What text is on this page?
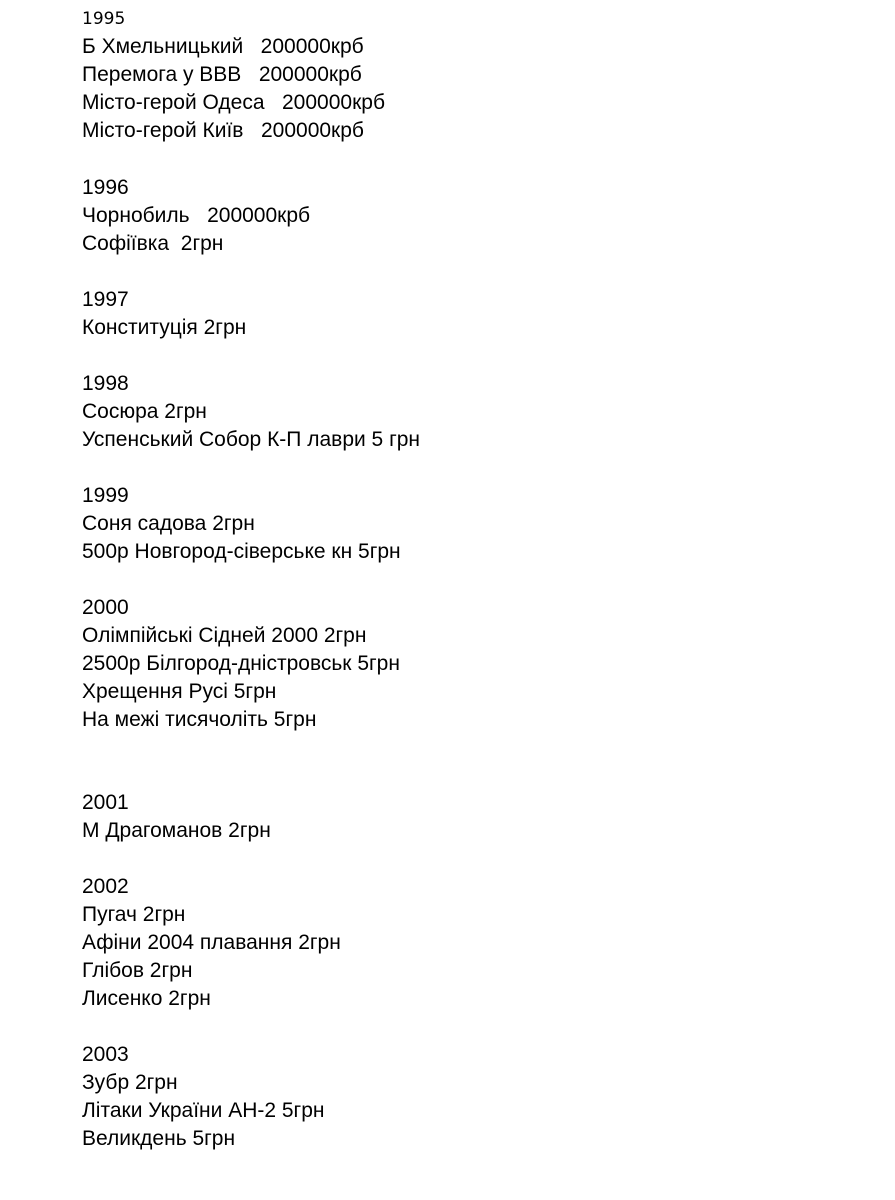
1995
Б Хмельницький   200000крб
Перемога у ВВВ   200000крб
Місто-герой Одеса   200000крб
Місто-герой Київ   200000крб
1996
Чорнобиль   200000крб
Софіївка  2грн
1997
Конституція 2грн
1998
Сосюра 2грн
Успенський Собор К-П лаври 5 грн
1999
Соня садова 2грн
500р Новгород-сіверське кн 5грн
2000
Олімпійські Сідней 2000 2грн
2500р Білгород-дністровськ 5грн
Хрещення Русі 5грн
На межі тисячоліть 5грн
2001
М Драгоманов 2грн
2002
Пугач 2грн
Афіни 2004 плавання 2грн
Глібов 2грн
Лисенко 2грн
2003
Зубр 2грн
Літаки України АН-2 5грн
Великдень 5грн
